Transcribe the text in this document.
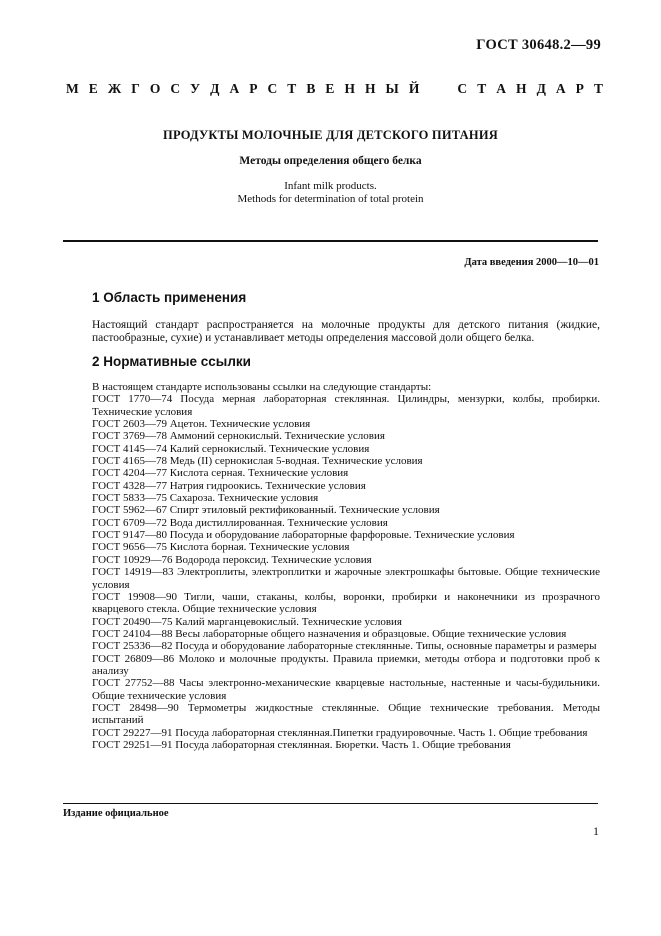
ГОСТ 30648.2—99
М Е Ж Г О С У Д А Р С Т В Е Н Н Ы Й	С Т А Н Д А Р Т
ПРОДУКТЫ МОЛОЧНЫЕ ДЛЯ ДЕТСКОГО ПИТАНИЯ
Методы определения общего белка
Infant milk products.
Methods for determination of total protein
Дата введения 2000—10—01
1 Область применения
Настоящий стандарт распространяется на молочные продукты для детского питания (жидкие, пастообразные, сухие) и устанавливает методы определения массовой доли общего белка.
2 Нормативные ссылки
В настоящем стандарте использованы ссылки на следующие стандарты:
ГОСТ 1770—74 Посуда мерная лабораторная стеклянная. Цилиндры, мензурки, колбы, пробирки. Технические условия
ГОСТ 2603—79 Ацетон. Технические условия
ГОСТ 3769—78 Аммоний сернокислый. Технические условия
ГОСТ 4145—74 Калий сернокислый. Технические условия
ГОСТ 4165—78 Медь (II) сернокислая 5-водная. Технические условия
ГОСТ 4204—77 Кислота серная. Технические условия
ГОСТ 4328—77 Натрия гидроокись. Технические условия
ГОСТ 5833—75 Сахароза. Технические условия
ГОСТ 5962—67 Спирт этиловый ректификованный. Технические условия
ГОСТ 6709—72 Вода дистиллированная. Технические условия
ГОСТ 9147—80 Посуда и оборудование лабораторные фарфоровые. Технические условия
ГОСТ 9656—75 Кислота борная. Технические условия
ГОСТ 10929—76 Водорода пероксид. Технические условия
ГОСТ 14919—83 Электроплиты, электроплитки и жарочные электрошкафы бытовые. Общие технические условия
ГОСТ 19908—90 Тигли, чаши, стаканы, колбы, воронки, пробирки и наконечники из прозрачного кварцевого стекла. Общие технические условия
ГОСТ 20490—75 Калий марганцевокислый. Технические условия
ГОСТ 24104—88 Весы лабораторные общего назначения и образцовые. Общие технические условия
ГОСТ 25336—82 Посуда и оборудование лабораторные стеклянные. Типы, основные параметры и размеры
ГОСТ 26809—86 Молоко и молочные продукты. Правила приемки, методы отбора и подготовки проб к анализу
ГОСТ 27752—88 Часы электронно-механические кварцевые настольные, настенные и часы-будильники. Общие технические условия
ГОСТ 28498—90 Термометры жидкостные стеклянные. Общие технические требования. Методы испытаний
ГОСТ 29227—91 Посуда лабораторная стеклянная.Пипетки градуировочные. Часть 1. Общие требования
ГОСТ 29251—91 Посуда лабораторная стеклянная. Бюретки. Часть 1. Общие требования
Издание официальное
1
